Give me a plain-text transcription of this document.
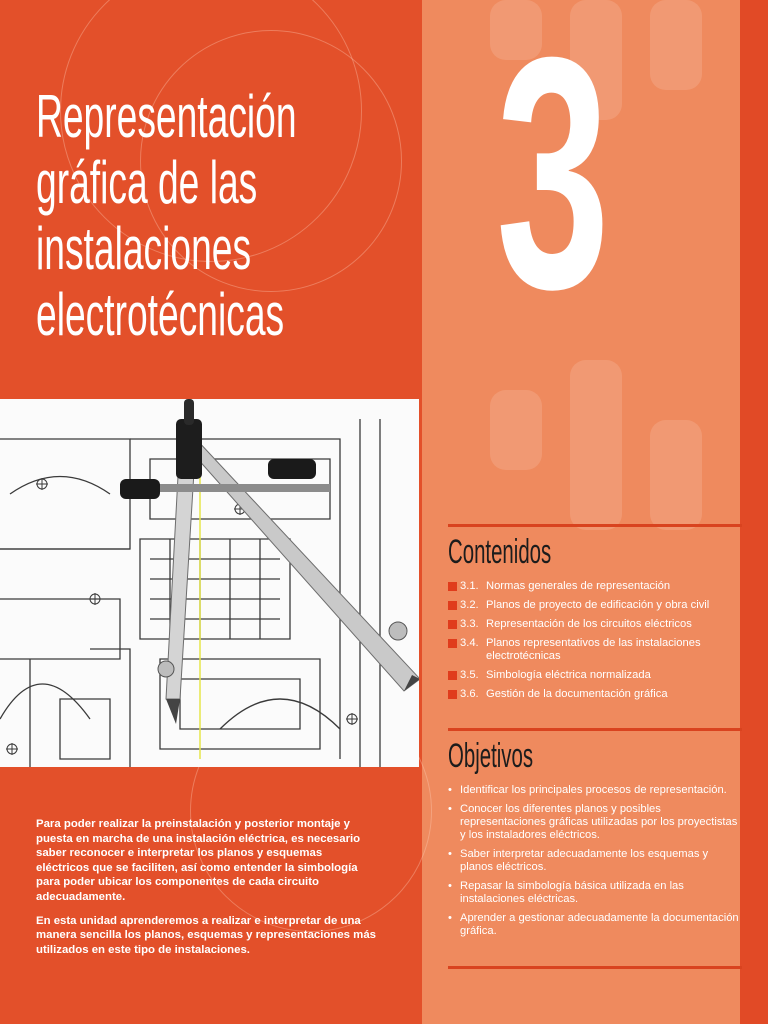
Representación
gráfica de las
instalaciones
electrotécnicas 3

Para poder realizar la preinstalación y posterior montaje y puesta en marcha de una instalación eléctrica, es necesario saber reconocer e interpretar los planos y esquemas eléctricos que se faciliten, así como entender la simbología para poder ubicar los componentes de cada circuito adecuadamente.

En esta unidad aprenderemos a realizar e interpretar de una manera sencilla los planos, esquemas y representaciones más utilizados en este tipo de instalaciones.

Contenidos
3.1. Normas generales de representación
3.2. Planos de proyecto de edificación y obra civil
3.3. Representación de los circuitos eléctricos
3.4. Planos representativos de las instalaciones electrotécnicas
3.5. Simbología eléctrica normalizada
3.6. Gestión de la documentación gráfica
Objetivos
• Identificar los principales procesos de representación.
• Conocer los diferentes planos y posibles representaciones gráficas utilizadas por los proyectistas y los instaladores eléctricos.
• Saber interpretar adecuadamente los esquemas y planos eléctricos.
• Repasar la simbología básica utilizada en las instalaciones eléctricas.
• Aprender a gestionar adecuadamente la documentación gráfica.
